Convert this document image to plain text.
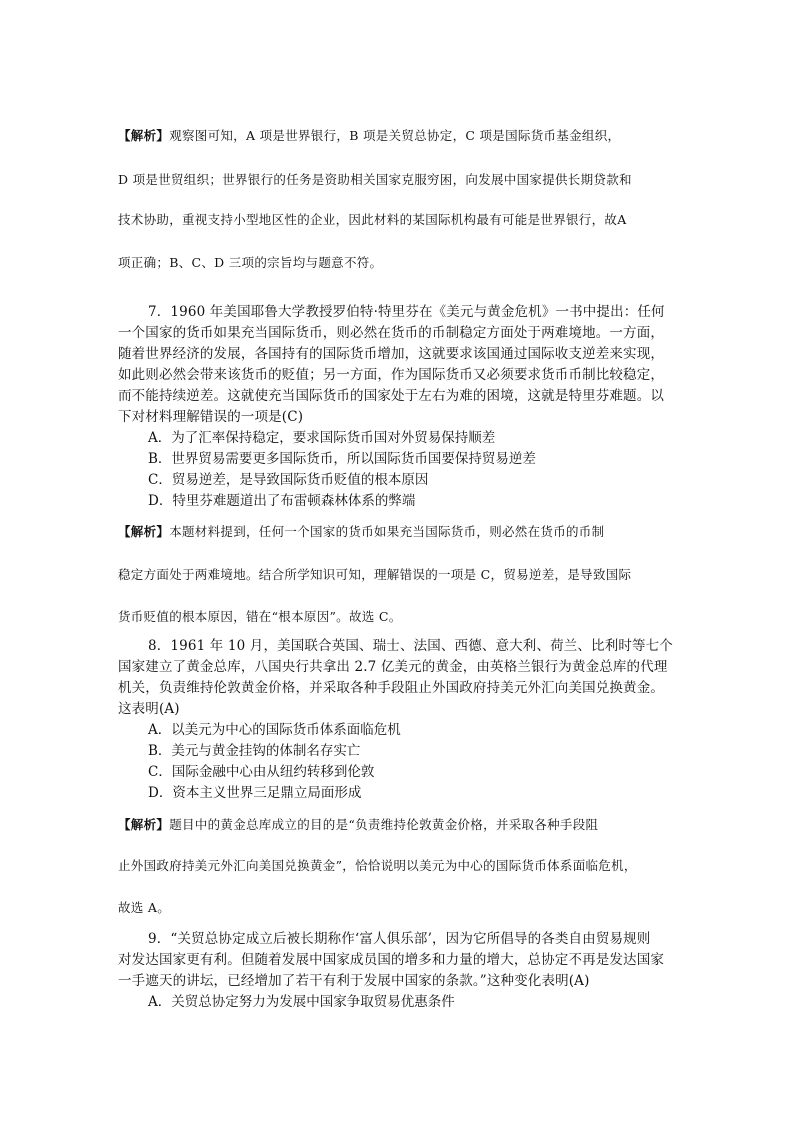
【解析】观察图可知，A 项是世界银行，B 项是关贸总协定，C 项是国际货币基金组织，
D 项是世贸组织；世界银行的任务是资助相关国家克服穷困，向发展中国家提供长期贷款和
技术协助，重视支持小型地区性的企业，因此材料的某国际机构最有可能是世界银行，故A
项正确；B、C、D 三项的宗旨均与题意不符。
7．1960 年美国耶鲁大学教授罗伯特·特里芬在《美元与黄金危机》一书中提出：任何
一个国家的货币如果充当国际货币，则必然在货币的币制稳定方面处于两难境地。一方面，
随着世界经济的发展，各国持有的国际货币增加，这就要求该国通过国际收支逆差来实现，
如此则必然会带来该货币的贬值；另一方面，作为国际货币又必须要求货币币制比较稳定，
而不能持续逆差。这就使充当国际货币的国家处于左右为难的困境，这就是特里芬难题。以
下对材料理解错误的一项是(C)
A．为了汇率保持稳定，要求国际货币国对外贸易保持顺差
B．世界贸易需要更多国际货币，所以国际货币国要保持贸易逆差
C．贸易逆差，是导致国际货币贬值的根本原因
D．特里芬难题道出了布雷顿森林体系的弊端
【解析】本题材料提到，任何一个国家的货币如果充当国际货币，则必然在货币的币制
稳定方面处于两难境地。结合所学知识可知，理解错误的一项是 C，贸易逆差，是导致国际
货币贬值的根本原因，错在“根本原因”。故选 C。
8．1961 年 10 月，美国联合英国、瑞士、法国、西德、意大利、荷兰、比利时等七个
国家建立了黄金总库，八国央行共拿出 2.7 亿美元的黄金，由英格兰银行为黄金总库的代理
机关，负责维持伦敦黄金价格，并采取各种手段阻止外国政府持美元外汇向美国兑换黄金。
这表明(A)
A．以美元为中心的国际货币体系面临危机
B．美元与黄金挂钩的体制名存实亡
C．国际金融中心由从纽约转移到伦敦
D．资本主义世界三足鼎立局面形成
【解析】题目中的黄金总库成立的目的是“负责维持伦敦黄金价格，并采取各种手段阻
止外国政府持美元外汇向美国兑换黄金”，恰恰说明以美元为中心的国际货币体系面临危机，
故选 A。
9．“关贸总协定成立后被长期称作‘富人俱乐部’，因为它所倡导的各类自由贸易规则
对发达国家更有利。但随着发展中国家成员国的增多和力量的增大，总协定不再是发达国家
一手遮天的讲坛，已经增加了若干有利于发展中国家的条款。”这种变化表明(A)
A．关贸总协定努力为发展中国家争取贸易优惠条件
